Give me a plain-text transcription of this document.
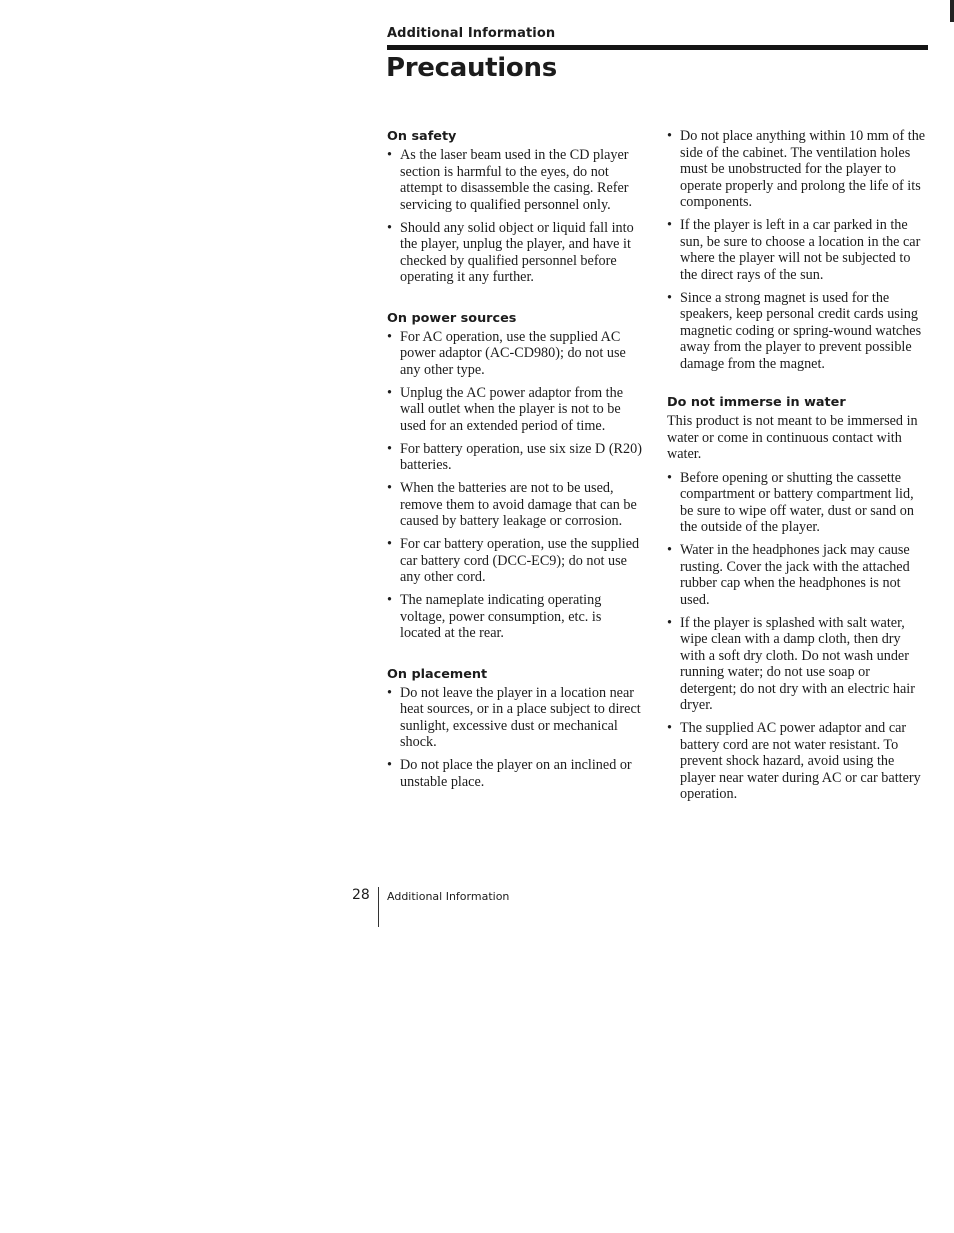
Additional Information
Precautions
On safety
• As the laser beam used in the CD player section is harmful to the eyes, do not attempt to disassemble the casing. Refer servicing to qualified personnel only.
• Should any solid object or liquid fall into the player, unplug the player, and have it checked by qualified personnel before operating it any further.
On power sources
• For AC operation, use the supplied AC power adaptor (AC-CD980); do not use any other type.
• Unplug the AC power adaptor from the wall outlet when the player is not to be used for an extended period of time.
• For battery operation, use six size D (R20) batteries.
• When the batteries are not to be used, remove them to avoid damage that can be caused by battery leakage or corrosion.
• For car battery operation, use the supplied car battery cord (DCC-EC9); do not use any other cord.
• The nameplate indicating operating voltage, power consumption, etc. is located at the rear.
On placement
• Do not leave the player in a location near heat sources, or in a place subject to direct sunlight, excessive dust or mechanical shock.
• Do not place the player on an inclined or unstable place.
• Do not place anything within 10 mm of the side of the cabinet. The ventilation holes must be unobstructed for the player to operate properly and prolong the life of its components.
• If the player is left in a car parked in the sun, be sure to choose a location in the car where the player will not be subjected to the direct rays of the sun.
• Since a strong magnet is used for the speakers, keep personal credit cards using magnetic coding or spring-wound watches away from the player to prevent possible damage from the magnet.
Do not immerse in water

This product is not meant to be immersed in water or come in continuous contact with water.

• Before opening or shutting the cassette compartment or battery compartment lid, be sure to wipe off water, dust or sand on the outside of the player.
• Water in the headphones jack may cause rusting. Cover the jack with the attached rubber cap when the headphones is not used.
• If the player is splashed with salt water, wipe clean with a damp cloth, then dry with a soft dry cloth. Do not wash under running water; do not use soap or detergent; do not dry with an electric hair dryer.
• The supplied AC power adaptor and car battery cord are not water resistant. To prevent shock hazard, avoid using the player near water during AC or car battery operation.
28 Additional Information
